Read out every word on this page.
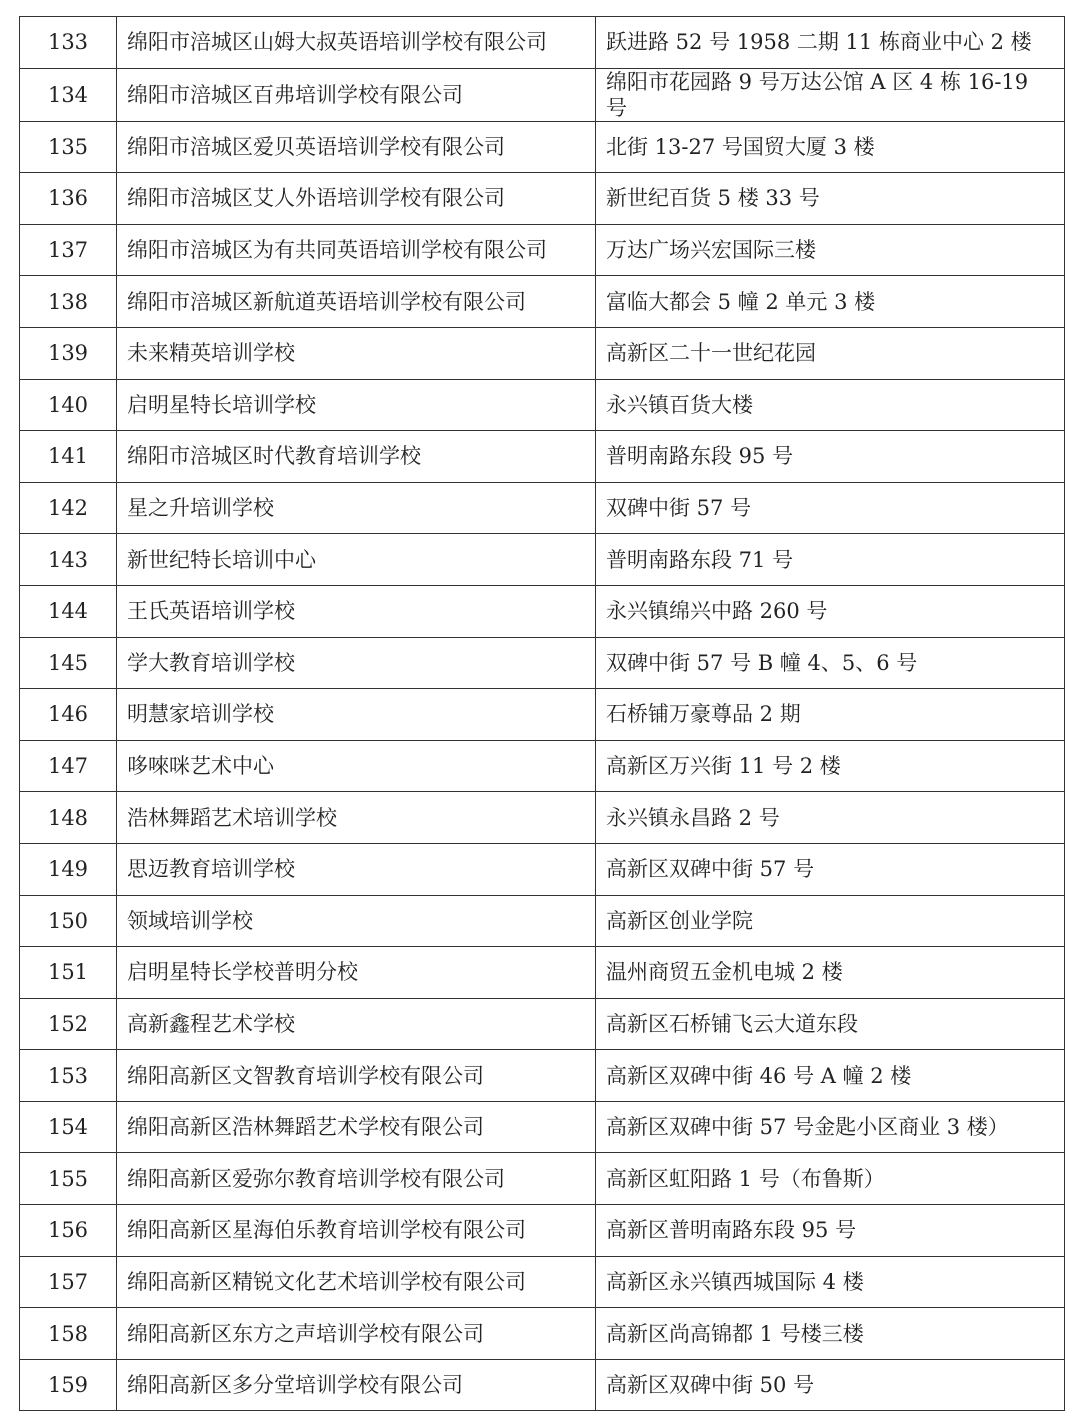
133	绵阳市涪城区山姆大叔英语培训学校有限公司	跃进路 52 号 1958 二期 11 栋商业中心 2 楼
134	绵阳市涪城区百弗培训学校有限公司	绵阳市花园路 9 号万达公馆 A 区 4 栋 16-19 号
135	绵阳市涪城区爱贝英语培训学校有限公司	北街 13-27 号国贸大厦 3 楼
136	绵阳市涪城区艾人外语培训学校有限公司	新世纪百货 5 楼 33 号
137	绵阳市涪城区为有共同英语培训学校有限公司	万达广场兴宏国际三楼
138	绵阳市涪城区新航道英语培训学校有限公司	富临大都会 5 幢 2 单元 3 楼
139	未来精英培训学校	高新区二十一世纪花园
140	启明星特长培训学校	永兴镇百货大楼
141	绵阳市涪城区时代教育培训学校	普明南路东段 95 号
142	星之升培训学校	双碑中街 57 号
143	新世纪特长培训中心	普明南路东段 71 号
144	王氏英语培训学校	永兴镇绵兴中路 260 号
145	学大教育培训学校	双碑中街 57 号 B 幢 4、5、6 号
146	明慧家培训学校	石桥铺万豪尊品 2 期
147	哆唻咪艺术中心	高新区万兴街 11 号 2 楼
148	浩林舞蹈艺术培训学校	永兴镇永昌路 2 号
149	思迈教育培训学校	高新区双碑中街 57 号
150	领域培训学校	高新区创业学院
151	启明星特长学校普明分校	温州商贸五金机电城 2 楼
152	高新鑫程艺术学校	高新区石桥铺飞云大道东段
153	绵阳高新区文智教育培训学校有限公司	高新区双碑中街 46 号 A 幢 2 楼
154	绵阳高新区浩林舞蹈艺术学校有限公司	高新区双碑中街 57 号金匙小区商业 3 楼）
155	绵阳高新区爱弥尔教育培训学校有限公司	高新区虹阳路 1 号（布鲁斯）
156	绵阳高新区星海伯乐教育培训学校有限公司	高新区普明南路东段 95 号
157	绵阳高新区精锐文化艺术培训学校有限公司	高新区永兴镇西城国际 4 楼
158	绵阳高新区东方之声培训学校有限公司	高新区尚高锦都 1 号楼三楼
159	绵阳高新区多分堂培训学校有限公司	高新区双碑中街 50 号
